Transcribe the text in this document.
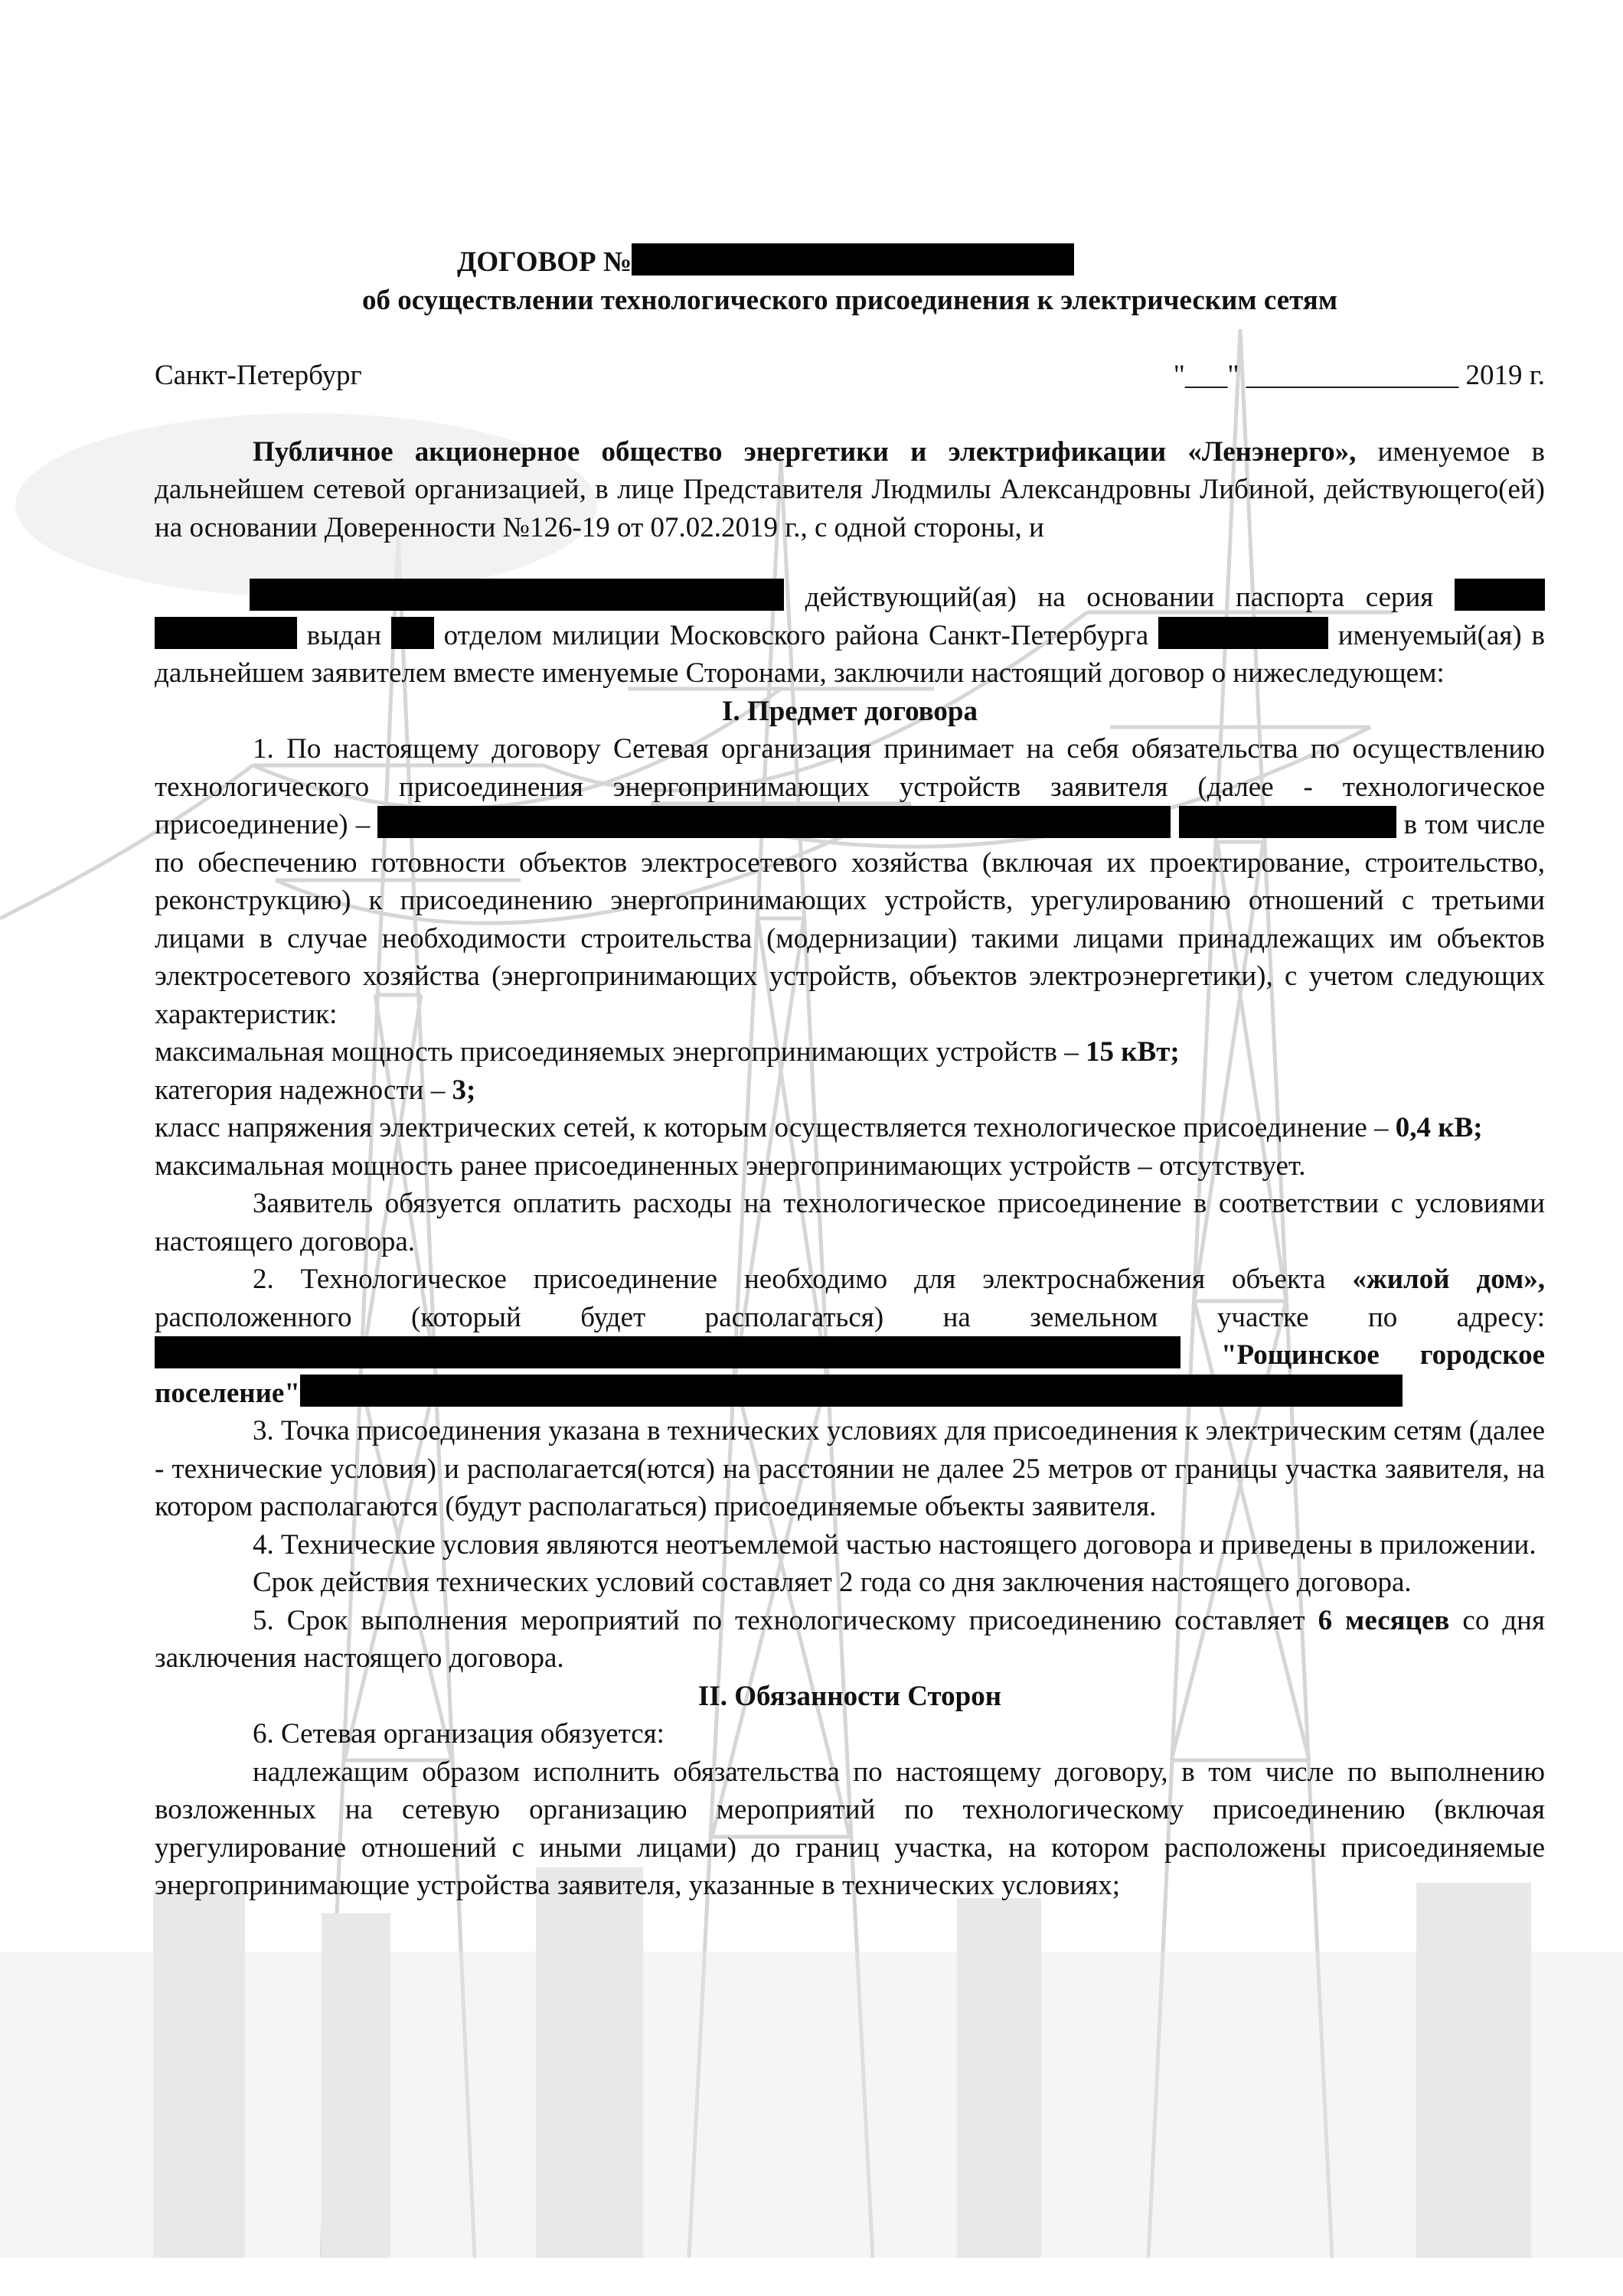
ДОГОВОР №
об осуществлении технологического присоединения к электрическим сетям
Санкт-Петербург	"___" _______________ 2019 г.

Публичное акционерное общество энергетики и электрификации «Ленэнерго», именуемое в дальнейшем сетевой организацией, в лице Представителя Людмилы Александровны Либиной, действующего(ей) на основании Доверенности №126-19 от 07.02.2019 г., с одной стороны, и

действующий(ая) на основании паспорта серия   выдан  отделом милиции Московского района Санкт-Петербурга	именуемый(ая) в дальнейшем заявителем вместе именуемые Сторонами, заключили настоящий договор о нижеследующем:

I. Предмет договора

1. По настоящему договору Сетевая организация принимает на себя обязательства по осуществлению технологического присоединения энергопринимающих устройств заявителя (далее - технологическое присоединение) –	в том числе по обеспечению готовности объектов электросетевого хозяйства (включая их проектирование, строительство, реконструкцию) к присоединению энергопринимающих устройств, урегулированию отношений с третьими лицами в случае необходимости строительства (модернизации) такими лицами принадлежащих им объектов электросетевого хозяйства (энергопринимающих устройств, объектов электроэнергетики), с учетом следующих характеристик:

максимальная мощность присоединяемых энергопринимающих устройств – 15 кВт;

категория надежности – 3;

класс напряжения электрических сетей, к которым осуществляется технологическое присоединение – 0,4 кВ;

максимальная мощность ранее присоединенных энергопринимающих устройств – отсутствует.

Заявитель обязуется оплатить расходы на технологическое присоединение в соответствии с условиями настоящего договора.

2. Технологическое присоединение необходимо для электроснабжения объекта «жилой дом», расположенного (который будет располагаться) на земельном участке по адресу:  "Рощинское городское поселение"

3. Точка присоединения указана в технических условиях для присоединения к электрическим сетям (далее - технические условия) и располагается(ются) на расстоянии не далее 25 метров от границы участка заявителя, на котором располагаются (будут располагаться) присоединяемые объекты заявителя.

4. Технические условия являются неотъемлемой частью настоящего договора и приведены в приложении.

Срок действия технических условий составляет 2 года со дня заключения настоящего договора.

5. Срок выполнения мероприятий по технологическому присоединению составляет 6 месяцев со дня заключения настоящего договора.

II. Обязанности Сторон

6. Сетевая организация обязуется:

надлежащим образом исполнить обязательства по настоящему договору, в том числе по выполнению возложенных на сетевую организацию мероприятий по технологическому присоединению (включая урегулирование отношений с иными лицами) до границ участка, на котором расположены присоединяемые энергопринимающие устройства заявителя, указанные в технических условиях;
